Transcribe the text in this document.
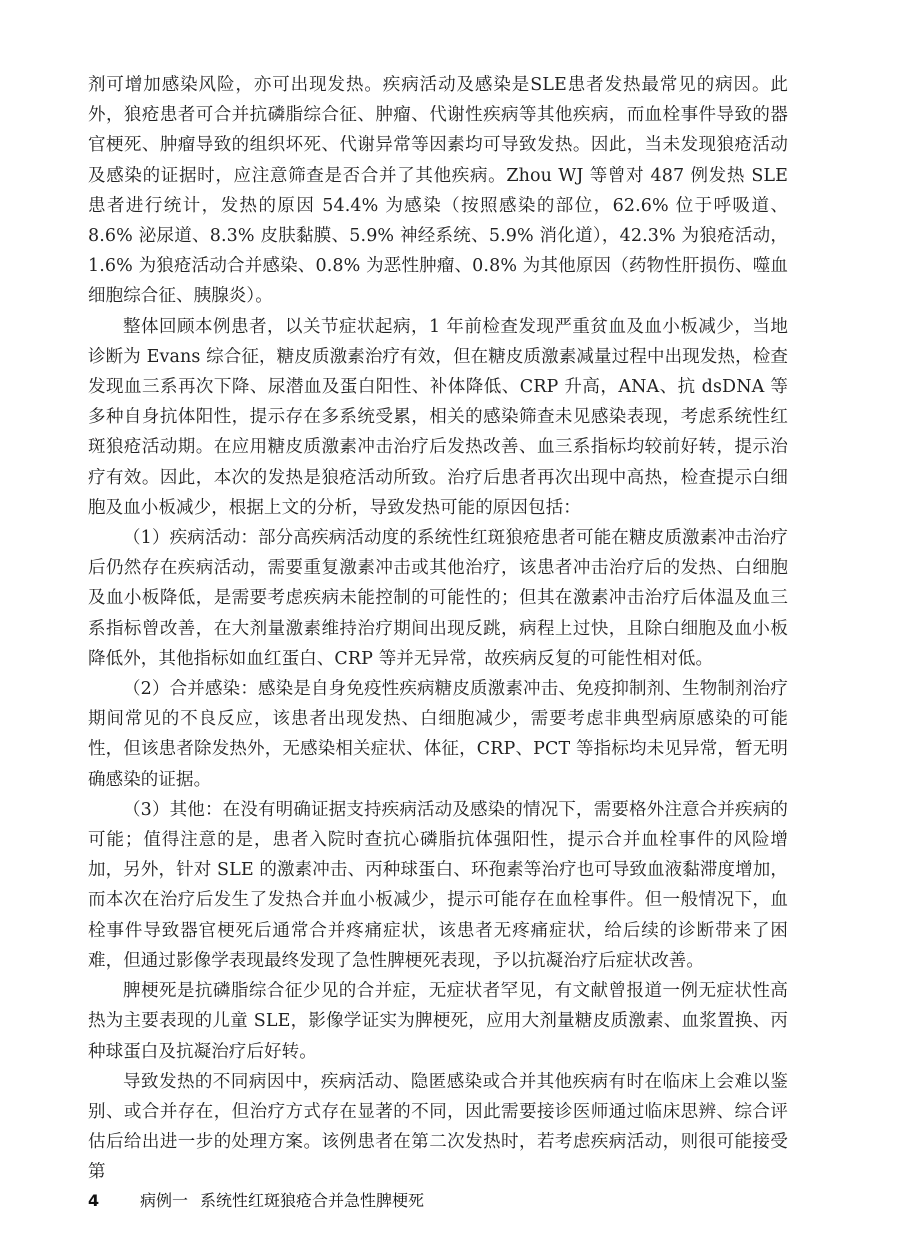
剂可增加感染风险，亦可出现发热。疾病活动及感染是SLE患者发热最常见的病因。此外，狼疮患者可合并抗磷脂综合征、肿瘤、代谢性疾病等其他疾病，而血栓事件导致的器官梗死、肿瘤导致的组织坏死、代谢异常等因素均可导致发热。因此，当未发现狼疮活动及感染的证据时，应注意筛查是否合并了其他疾病。Zhou WJ 等曾对 487 例发热 SLE 患者进行统计，发热的原因 54.4% 为感染（按照感染的部位，62.6% 位于呼吸道、8.6% 泌尿道、8.3% 皮肤黏膜、5.9% 神经系统、5.9% 消化道），42.3% 为狼疮活动，1.6% 为狼疮活动合并感染、0.8% 为恶性肿瘤、0.8% 为其他原因（药物性肝损伤、噬血细胞综合征、胰腺炎）。

整体回顾本例患者，以关节症状起病，1 年前检查发现严重贫血及血小板减少，当地诊断为 Evans 综合征，糖皮质激素治疗有效，但在糖皮质激素减量过程中出现发热，检查发现血三系再次下降、尿潜血及蛋白阳性、补体降低、CRP 升高，ANA、抗 dsDNA 等多种自身抗体阳性，提示存在多系统受累，相关的感染筛查未见感染表现，考虑系统性红斑狼疮活动期。在应用糖皮质激素冲击治疗后发热改善、血三系指标均较前好转，提示治疗有效。因此，本次的发热是狼疮活动所致。治疗后患者再次出现中高热，检查提示白细胞及血小板减少，根据上文的分析，导致发热可能的原因包括：

（1）疾病活动：部分高疾病活动度的系统性红斑狼疮患者可能在糖皮质激素冲击治疗后仍然存在疾病活动，需要重复激素冲击或其他治疗，该患者冲击治疗后的发热、白细胞及血小板降低，是需要考虑疾病未能控制的可能性的；但其在激素冲击治疗后体温及血三系指标曾改善，在大剂量激素维持治疗期间出现反跳，病程上过快，且除白细胞及血小板降低外，其他指标如血红蛋白、CRP 等并无异常，故疾病反复的可能性相对低。

（2）合并感染：感染是自身免疫性疾病糖皮质激素冲击、免疫抑制剂、生物制剂治疗期间常见的不良反应，该患者出现发热、白细胞减少，需要考虑非典型病原感染的可能性，但该患者除发热外，无感染相关症状、体征，CRP、PCT 等指标均未见异常，暂无明确感染的证据。

（3）其他：在没有明确证据支持疾病活动及感染的情况下，需要格外注意合并疾病的可能；值得注意的是，患者入院时查抗心磷脂抗体强阳性，提示合并血栓事件的风险增加，另外，针对 SLE 的激素冲击、丙种球蛋白、环孢素等治疗也可导致血液黏滞度增加，而本次在治疗后发生了发热合并血小板减少，提示可能存在血栓事件。但一般情况下，血栓事件导致器官梗死后通常合并疼痛症状，该患者无疼痛症状，给后续的诊断带来了困难，但通过影像学表现最终发现了急性脾梗死表现，予以抗凝治疗后症状改善。

脾梗死是抗磷脂综合征少见的合并症，无症状者罕见，有文献曾报道一例无症状性高热为主要表现的儿童 SLE，影像学证实为脾梗死，应用大剂量糖皮质激素、血浆置换、丙种球蛋白及抗凝治疗后好转。

导致发热的不同病因中，疾病活动、隐匿感染或合并其他疾病有时在临床上会难以鉴别、或合并存在，但治疗方式存在显著的不同，因此需要接诊医师通过临床思辨、综合评估后给出进一步的处理方案。该例患者在第二次发热时，若考虑疾病活动，则很可能接受第

4	病例一 系统性红斑狼疮合并急性脾梗死
